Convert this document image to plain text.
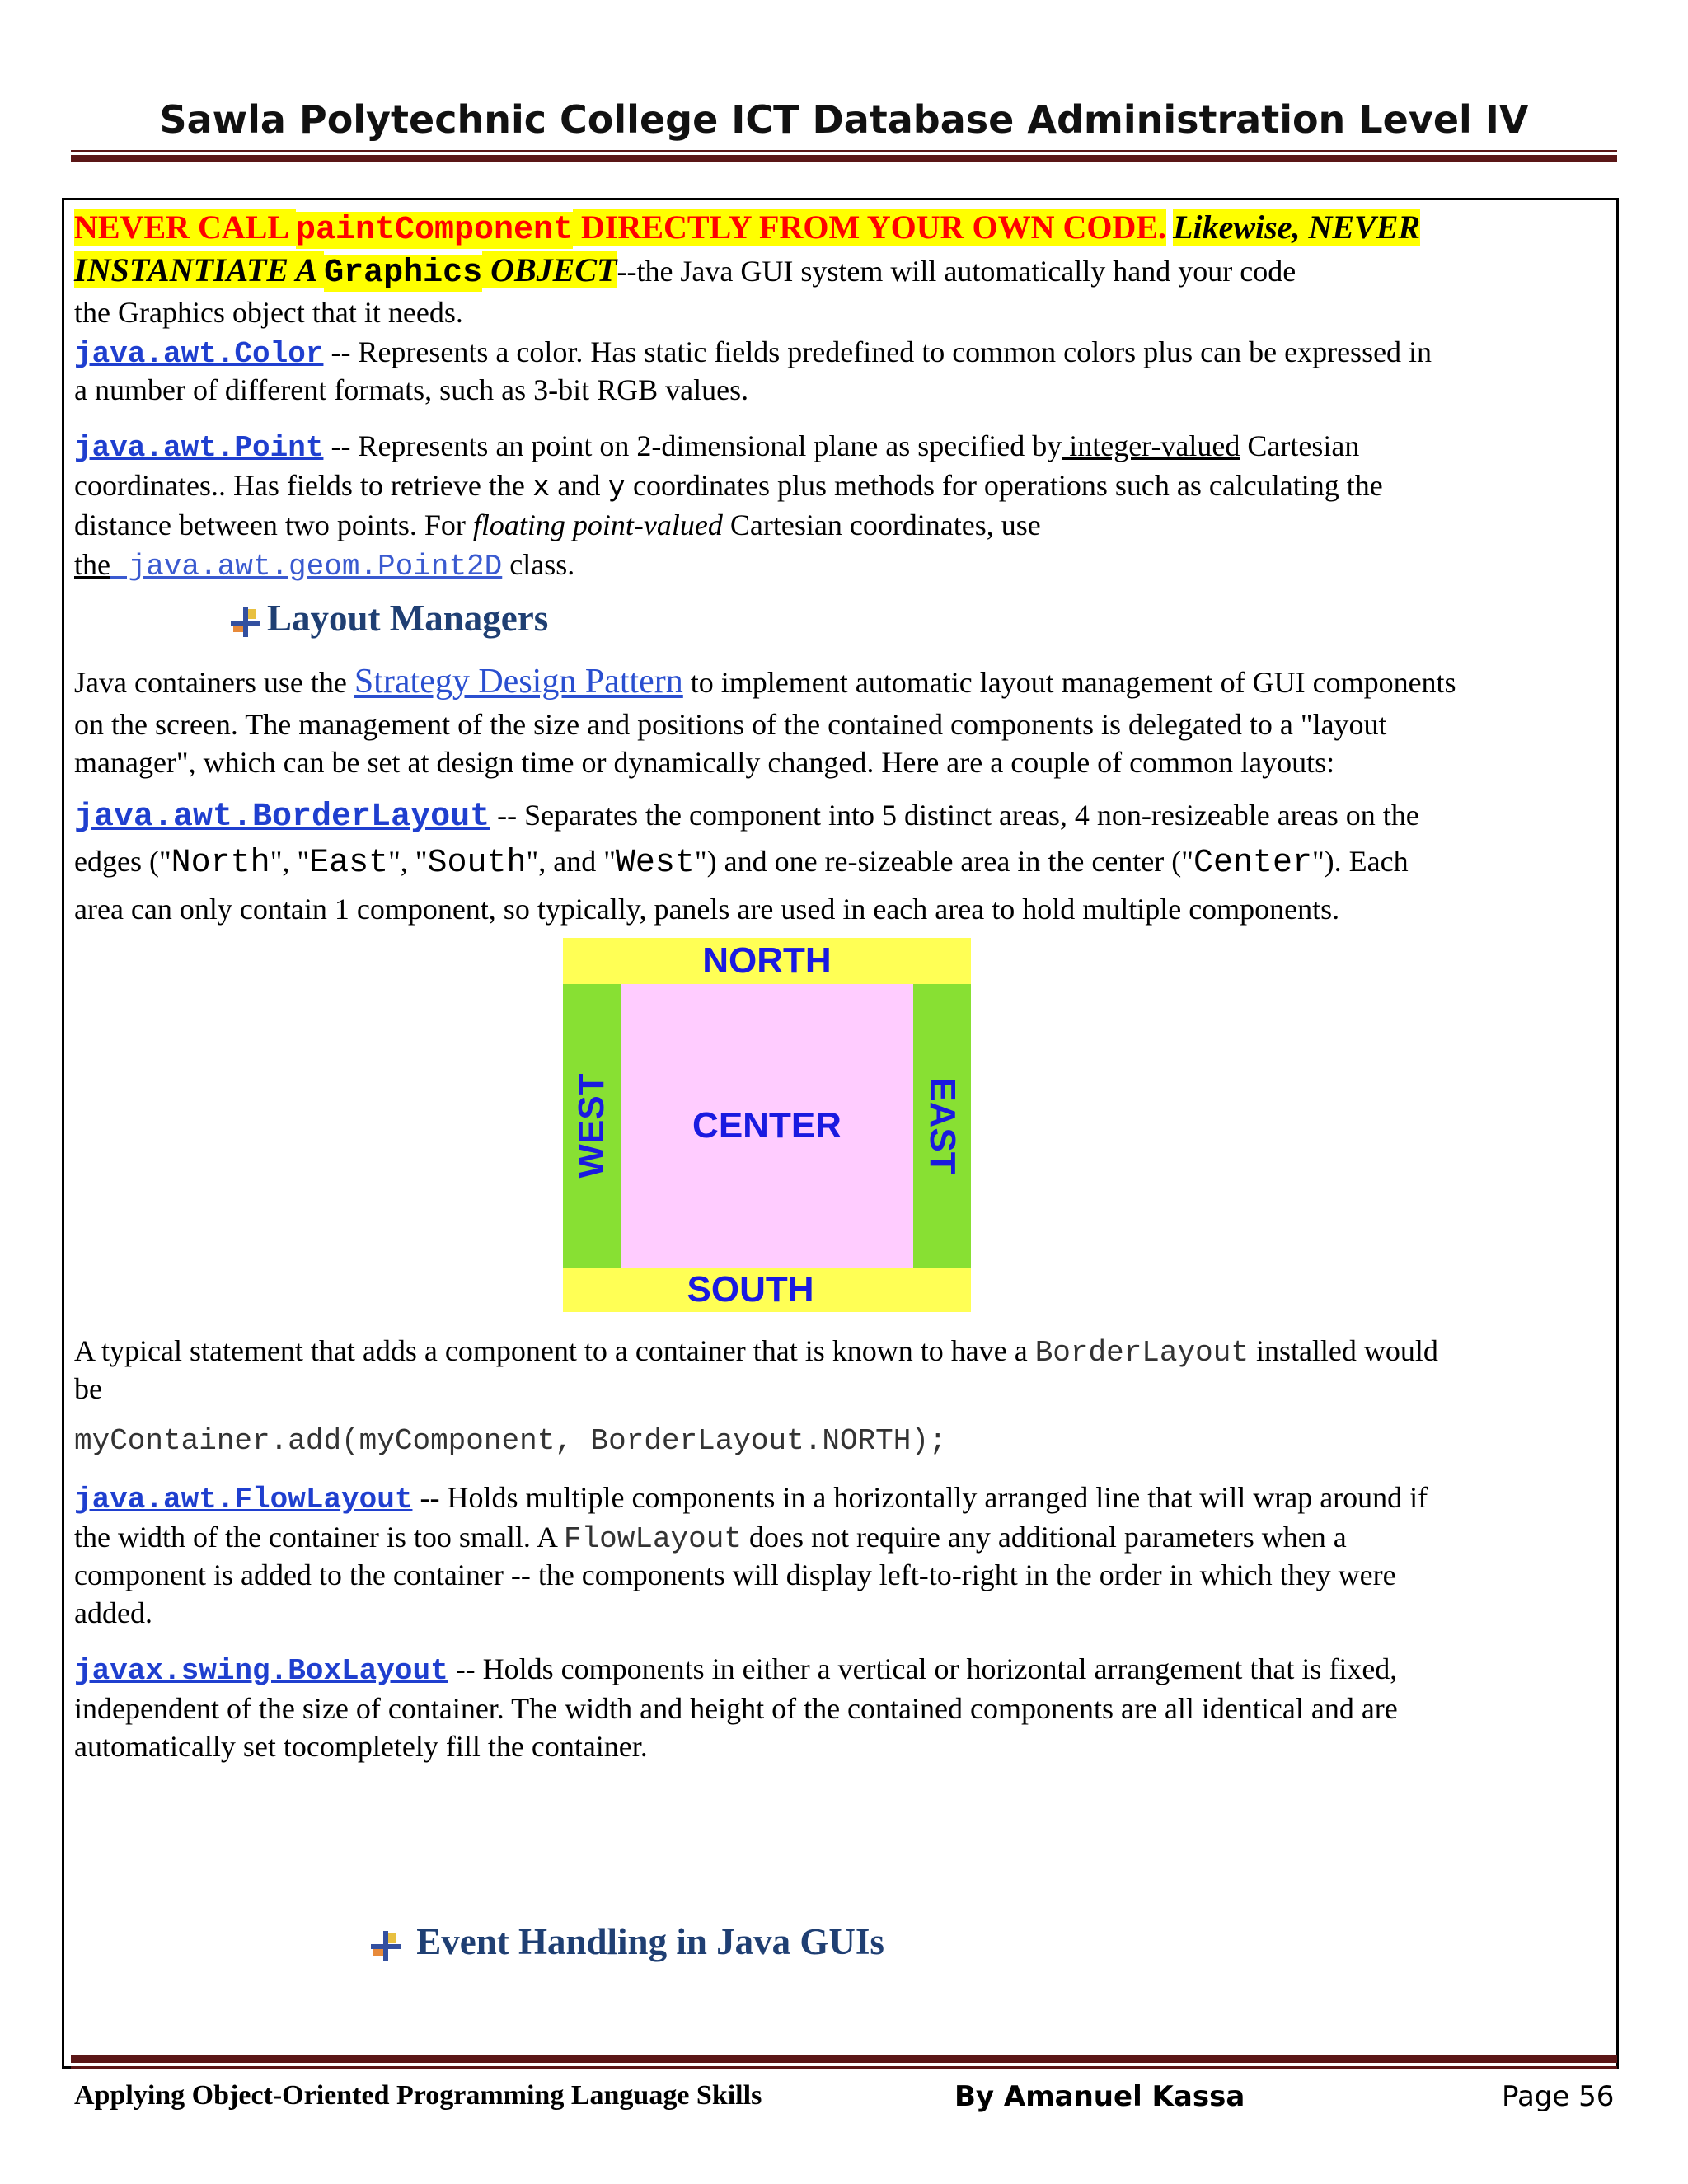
Sawla Polytechnic College ICT Database Administration Level IV
NEVER CALL paintComponent DIRECTLY FROM YOUR OWN CODE. Likewise, NEVER
INSTANTIATE A Graphics OBJECT--the Java GUI system will automatically hand your code
the Graphics object that it needs.
java.awt.Color -- Represents a color. Has static fields predefined to common colors plus can be expressed in
a number of different formats, such as 3-bit RGB values.
java.awt.Point -- Represents an point on 2-dimensional plane as specified by integer-valued Cartesian
coordinates.. Has fields to retrieve the x and y coordinates plus methods for operations such as calculating the
distance between two points. For floating point-valued Cartesian coordinates, use
the java.awt.geom.Point2D class.
Layout Managers
Java containers use the Strategy Design Pattern to implement automatic layout management of GUI components
on the screen. The management of the size and positions of the contained components is delegated to a "layout
manager", which can be set at design time or dynamically changed. Here are a couple of common layouts:
java.awt.BorderLayout -- Separates the component into 5 distinct areas, 4 non-resizeable areas on the
edges ("North", "East", "South", and "West") and one re-sizeable area in the center ("Center"). Each
area can only contain 1 component, so typically, panels are used in each area to hold multiple components.
NORTH
SOUTH
CENTER
WEST	EAST
A typical statement that adds a component to a container that is known to have a BorderLayout installed would
be
myContainer.add(myComponent, BorderLayout.NORTH);
java.awt.FlowLayout -- Holds multiple components in a horizontally arranged line that will wrap around if
the width of the container is too small. A FlowLayout does not require any additional parameters when a
component is added to the container -- the components will display left-to-right in the order in which they were
added.
javax.swing.BoxLayout -- Holds components in either a vertical or horizontal arrangement that is fixed,
independent of the size of container. The width and height of the contained components are all identical and are
automatically set tocompletely fill the container.
Event Handling in Java GUIs
Applying Object-Oriented Programming Language Skills	By Amanuel Kassa	Page 56
